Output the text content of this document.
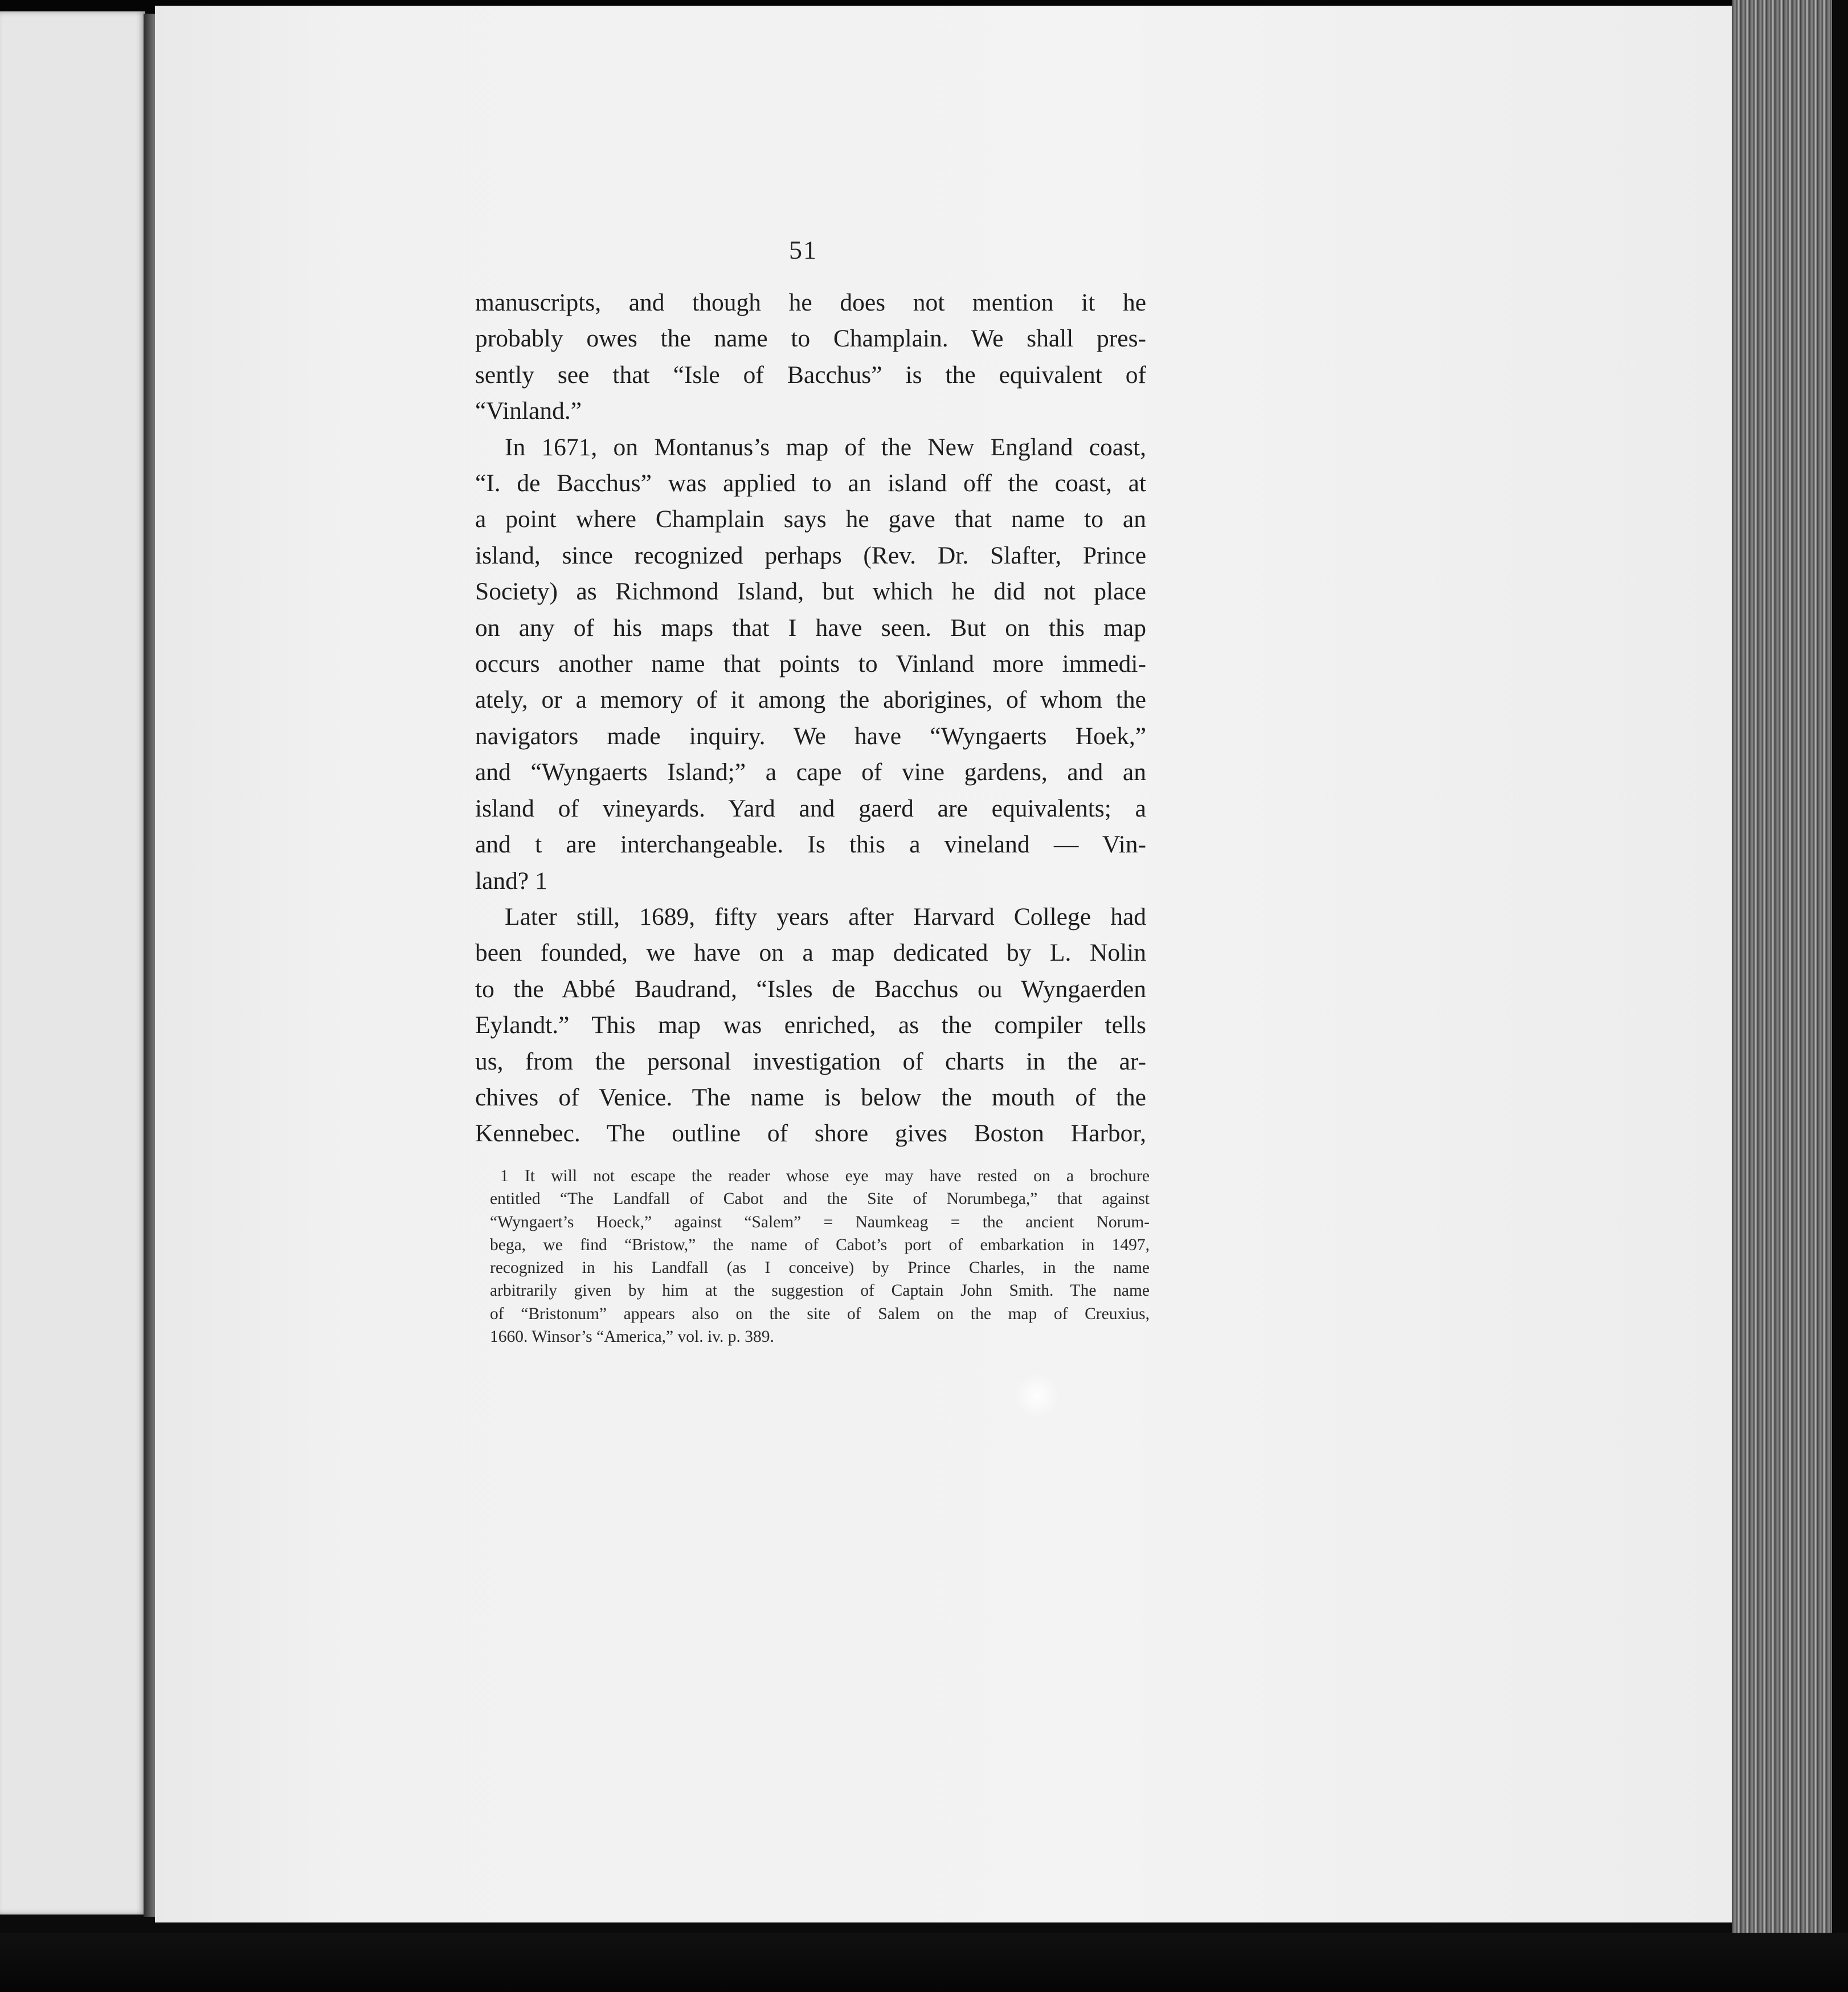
51
manuscripts, and though he does not mention it he
probably owes the name to Champlain. We shall pres-
sently see that “Isle of Bacchus” is the equivalent of
“Vinland.”
In 1671, on Montanus’s map of the New England coast,
“I. de Bacchus” was applied to an island off the coast, at
a point where Champlain says he gave that name to an
island, since recognized perhaps (Rev. Dr. Slafter, Prince
Society) as Richmond Island, but which he did not place
on any of his maps that I have seen. But on this map
occurs another name that points to Vinland more immedi-
ately, or a memory of it among the aborigines, of whom the
navigators made inquiry. We have “Wyngaerts Hoek,”
and “Wyngaerts Island;” a cape of vine gardens, and an
island of vineyards. Yard and gaerd are equivalents; a
and t are interchangeable. Is this a vineland — Vin-
land? 1
Later still, 1689, fifty years after Harvard College had
been founded, we have on a map dedicated by L. Nolin
to the Abbé Baudrand, “Isles de Bacchus ou Wyngaerden
Eylandt.” This map was enriched, as the compiler tells
us, from the personal investigation of charts in the ar-
chives of Venice. The name is below the mouth of the
Kennebec. The outline of shore gives Boston Harbor,
1 It will not escape the reader whose eye may have rested on a brochure
entitled “The Landfall of Cabot and the Site of Norumbega,” that against
“Wyngaert’s Hoeck,” against “Salem” = Naumkeag = the ancient Norum-
bega, we find “Bristow,” the name of Cabot’s port of embarkation in 1497,
recognized in his Landfall (as I conceive) by Prince Charles, in the name
arbitrarily given by him at the suggestion of Captain John Smith. The name
of “Bristonum” appears also on the site of Salem on the map of Creuxius,
1660. Winsor’s “America,” vol. iv. p. 389.
